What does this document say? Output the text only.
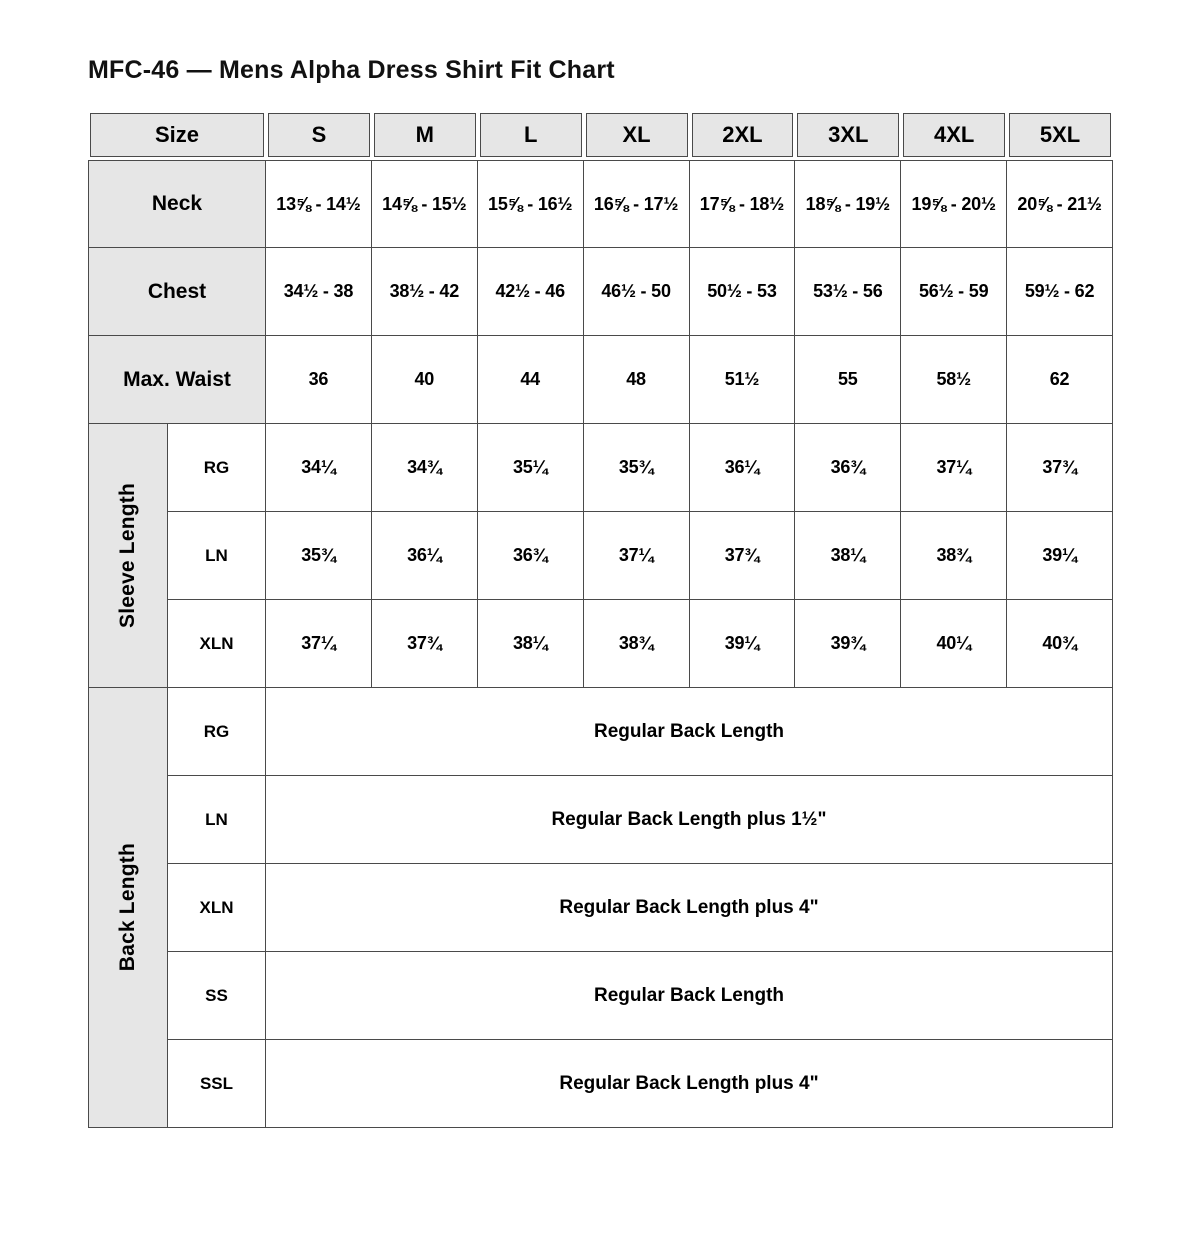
MFC-46 — Mens Alpha Dress Shirt Fit Chart
Size	S	M	L	XL	2XL	3XL	4XL	5XL
Neck	13⅝ - 14½	14⅝ - 15½	15⅝ - 16½	16⅝ - 17½	17⅝ - 18½	18⅝ - 19½	19⅝ - 20½	20⅝ - 21½
Chest	34½ - 38	38½ - 42	42½ - 46	46½ - 50	50½ - 53	53½ - 56	56½ - 59	59½ - 62
Max. Waist	36	40	44	48	51½	55	58½	62
Sleeve Length
RG	34¼	34¾	35¼	35¾	36¼	36¾	37¼	37¾
LN	35¾	36¼	36¾	37¼	37¾	38¼	38¾	39¼
XLN	37¼	37¾	38¼	38¾	39¼	39¾	40¼	40¾
Back Length
RG	Regular Back Length
LN	Regular Back Length plus 1½"
XLN	Regular Back Length plus 4"
SS	Regular Back Length
SSL	Regular Back Length plus 4"
